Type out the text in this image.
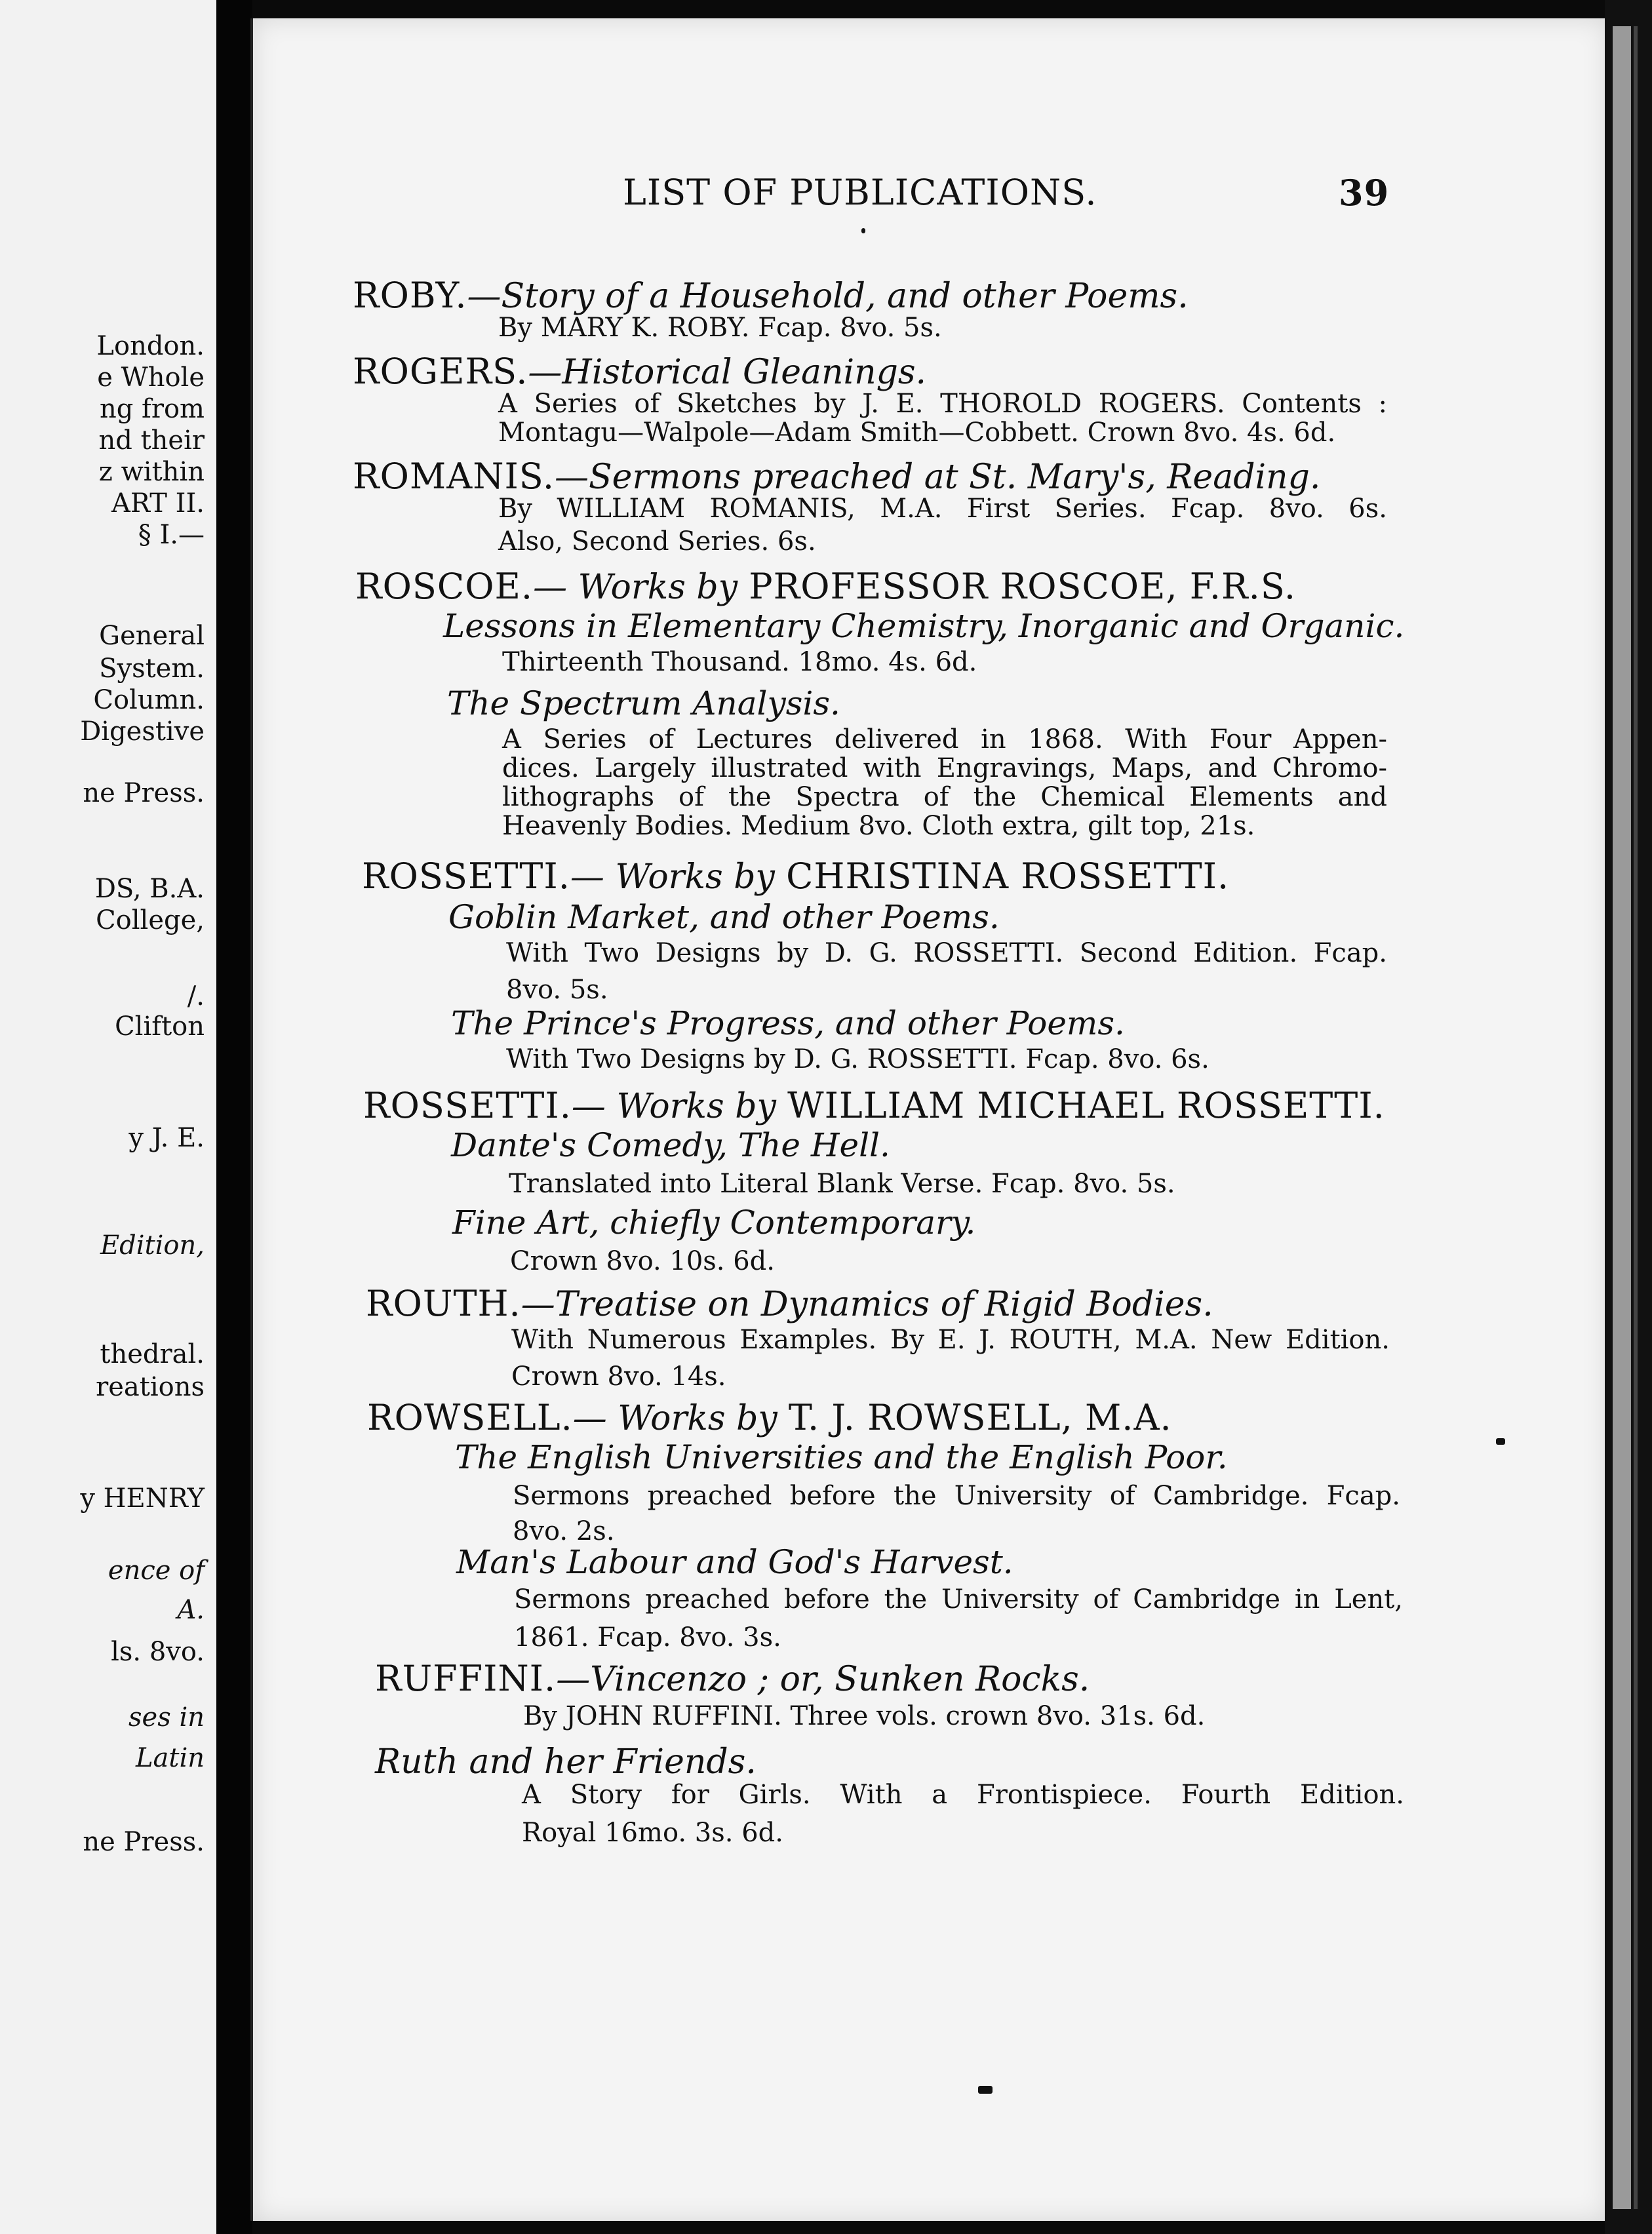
London.
e Whole
ng from
nd their
z within
ART II.
§ I.—
General
System.
Column.
Digestive
ne Press.
DS, B.A.
College,
/.
Clifton
y J. E.
Edition,
thedral.
reations
y HENRY
ence of
A.
ls. 8vo.
ses in
Latin
ne Press.
LIST OF PUBLICATIONS.	39
ROBY.—Story of a Household, and other Poems.
By MARY K. ROBY. Fcap. 8vo. 5s.
ROGERS.—Historical Gleanings.
A Series of Sketches by J. E. THOROLD ROGERS. Contents :
Montagu—Walpole—Adam Smith—Cobbett. Crown 8vo. 4s. 6d.
ROMANIS.—Sermons preached at St. Mary's, Reading.
By WILLIAM ROMANIS, M.A. First Series. Fcap. 8vo. 6s.
Also, Second Series. 6s.
ROSCOE.— Works by PROFESSOR ROSCOE, F.R.S.
Lessons in Elementary Chemistry, Inorganic and Organic.
Thirteenth Thousand. 18mo. 4s. 6d.
The Spectrum Analysis.
A Series of Lectures delivered in 1868. With Four Appen-
dices. Largely illustrated with Engravings, Maps, and Chromo-
lithographs of the Spectra of the Chemical Elements and
Heavenly Bodies. Medium 8vo. Cloth extra, gilt top, 21s.
ROSSETTI.— Works by CHRISTINA ROSSETTI.
Goblin Market, and other Poems.
With Two Designs by D. G. ROSSETTI. Second Edition. Fcap.
8vo. 5s.
The Prince's Progress, and other Poems.
With Two Designs by D. G. ROSSETTI. Fcap. 8vo. 6s.
ROSSETTI.— Works by WILLIAM MICHAEL ROSSETTI.
Dante's Comedy, The Hell.
Translated into Literal Blank Verse. Fcap. 8vo. 5s.
Fine Art, chiefly Contemporary.
Crown 8vo. 10s. 6d.
ROUTH.—Treatise on Dynamics of Rigid Bodies.
With Numerous Examples. By E. J. ROUTH, M.A. New Edition.
Crown 8vo. 14s.
ROWSELL.— Works by T. J. ROWSELL, M.A.
The English Universities and the English Poor.
Sermons preached before the University of Cambridge. Fcap.
8vo. 2s.
Man's Labour and God's Harvest.
Sermons preached before the University of Cambridge in Lent,
1861. Fcap. 8vo. 3s.
RUFFINI.—Vincenzo ; or, Sunken Rocks.
By JOHN RUFFINI. Three vols. crown 8vo. 31s. 6d.
Ruth and her Friends.
A Story for Girls. With a Frontispiece. Fourth Edition.
Royal 16mo. 3s. 6d.
